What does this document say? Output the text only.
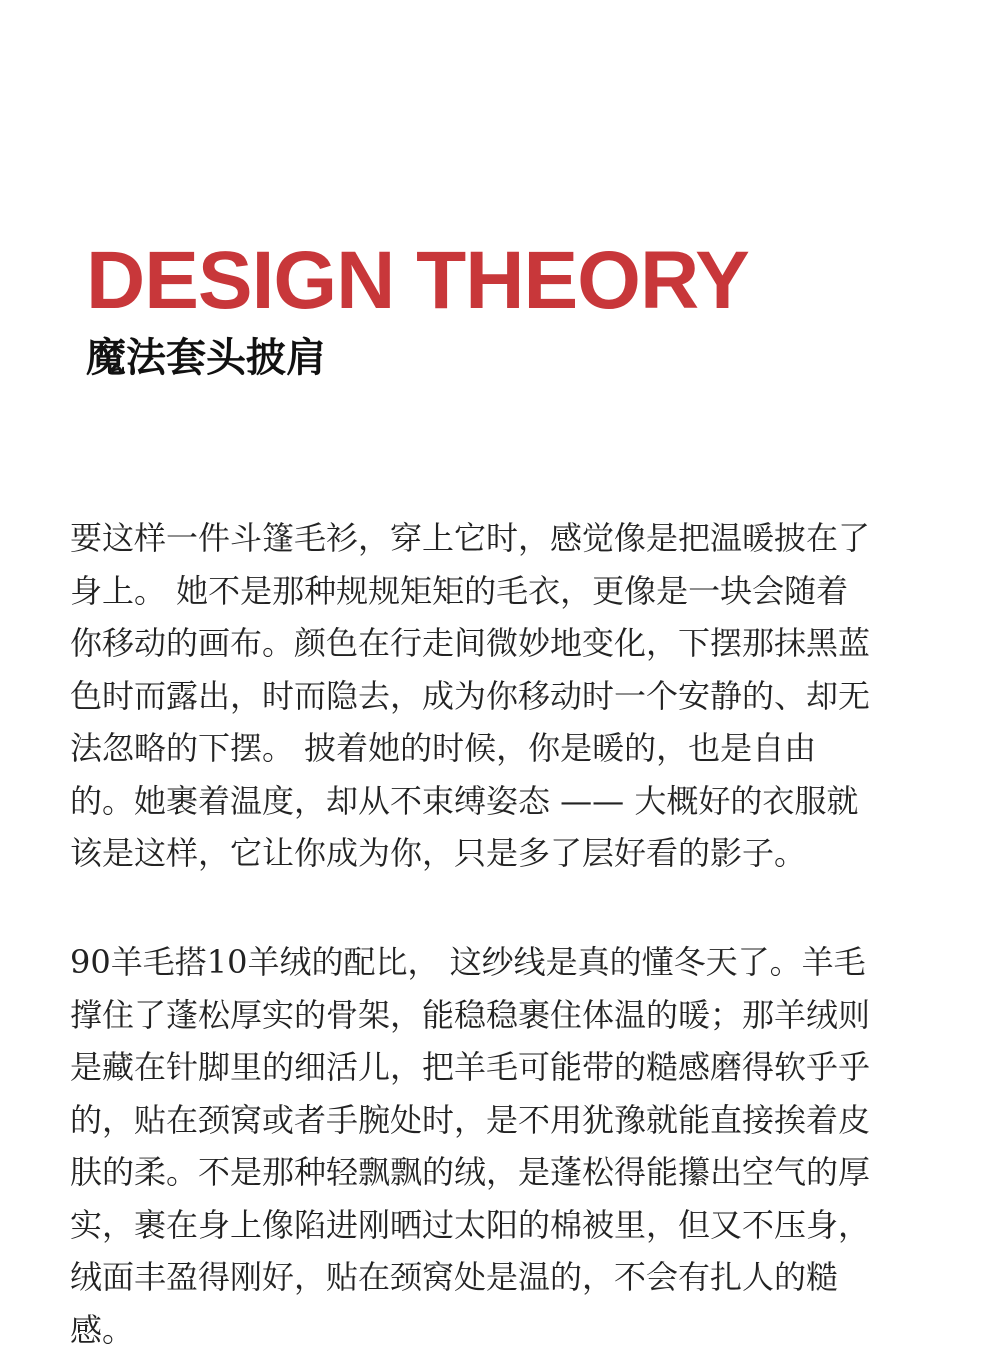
DESIGN THEORY
魔法套头披肩
要这样一件斗篷毛衫，穿上它时，感觉像是把温暖披在了
身上。 她不是那种规规矩矩的毛衣，更像是一块会随着
你移动的画布。颜色在行走间微妙地变化，下摆那抹黑蓝
色时而露出，时而隐去，成为你移动时一个安静的、却无
法忽略的下摆。 披着她的时候，你是暖的，也是自由
的。她裹着温度，却从不束缚姿态 —— 大概好的衣服就
该是这样，它让你成为你，只是多了层好看的影子。
90羊毛搭10羊绒的配比， 这纱线是真的懂冬天了。羊毛
撑住了蓬松厚实的骨架，能稳稳裹住体温的暖；那羊绒则
是藏在针脚里的细活儿，把羊毛可能带的糙感磨得软乎乎
的，贴在颈窝或者手腕处时，是不用犹豫就能直接挨着皮
肤的柔。不是那种轻飘飘的绒，是蓬松得能攥出空气的厚
实，裹在身上像陷进刚晒过太阳的棉被里，但又不压身，
绒面丰盈得刚好，贴在颈窝处是温的，不会有扎人的糙
感。
